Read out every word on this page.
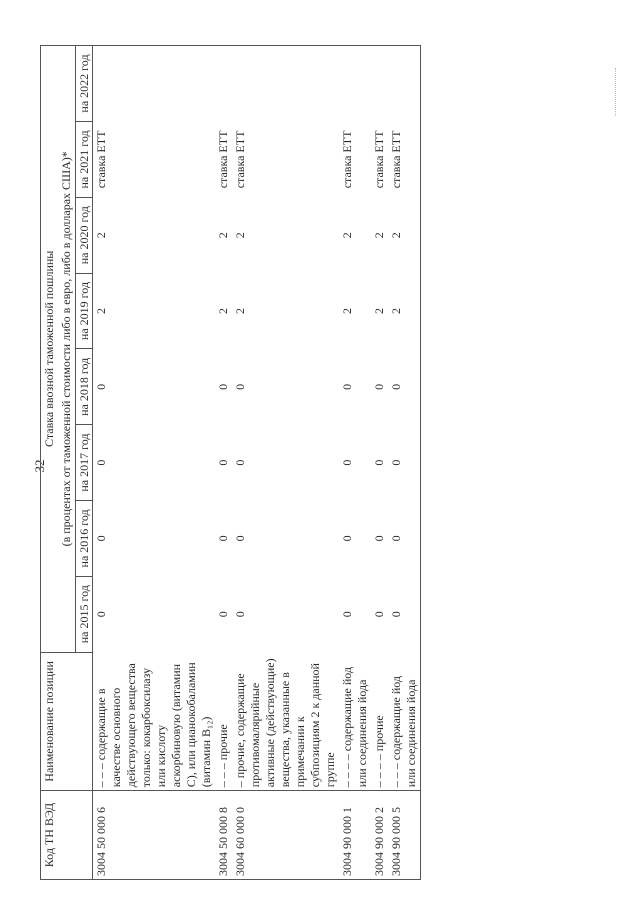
32
Код ТН ВЭД	Наименование позиции	Ставка ввозной таможенной пошлины							
		(в процентах от таможенной стоимости либо в евро, либо в долларах США)*							
		на 2015 год	на 2016 год	на 2017 год	на 2018 год	на 2019 год	на 2020 год	на 2021 год	на 2022 год
3004 50 000 6	– – – содержащие в качестве основного действующего вещества только: кокарбоксилазу или кислоту аскорбиновую (витамин С), или цианокобаламин (витамин B₁₂)	0	0	0	0	2	2	ставка ЕТТ	
3004 50 000 8	– – – прочие	0	0	0	0	2	2	ставка ЕТТ	
3004 60 000 0	– прочие, содержащие противомалярийные активные (действующие) вещества, указанные в примечании к субпозициям 2 к данной группе	0	0	0	0	2	2	ставка ЕТТ	
3004 90 000 1	– – – – содержащие йод или соединения йода	0	0	0	0	2	2	ставка ЕТТ	
3004 90 000 2	– – – – прочие	0	0	0	0	2	2	ставка ЕТТ	
3004 90 000 5	– – – содержащие йод или соединения йода	0	0	0	0	2	2	ставка ЕТТ	
